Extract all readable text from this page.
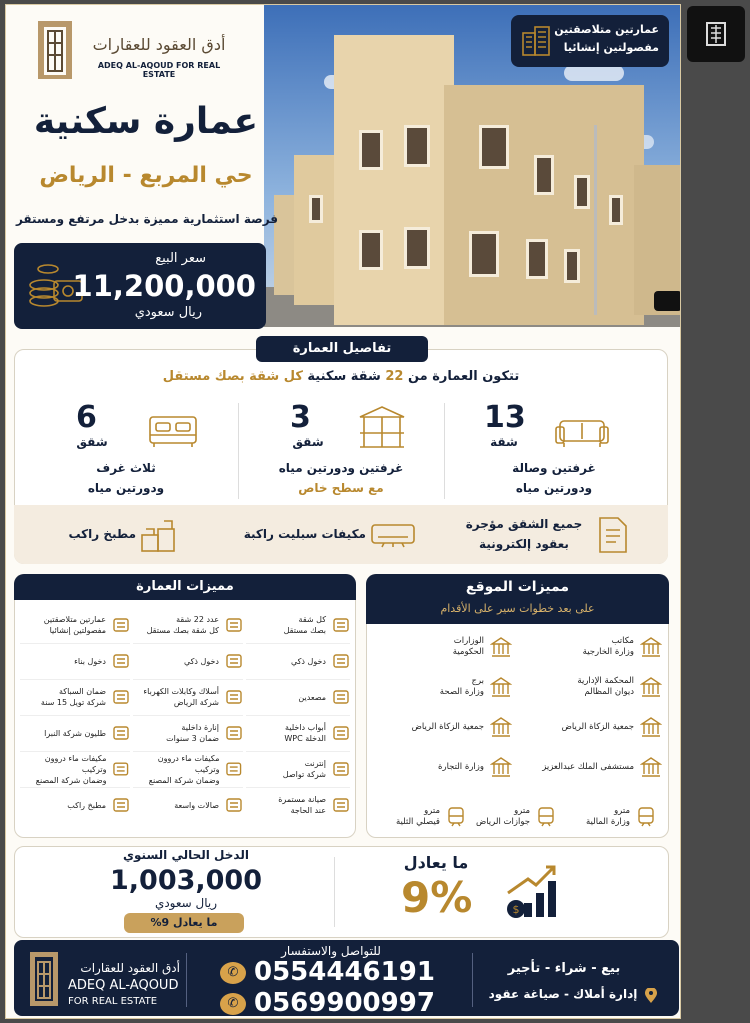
أدق العقود للعقارات
ADEQ AL-AQOUD FOR REAL ESTATE
عمارتين متلاصقتين
مفصولتين إنشائيا
عمارة سكنية
حي المربع - الرياض
فرصة استثمارية مميزة بدخل مرتفع ومستقر
سعر البيع
11,200,000
ريال سعودي
تفاصيل العمارة
تتكون العمارة من 22 شقة سكنية كل شقة بصك مستقل
13
شقة
غرفتين وصالة
ودورتين مياه
3
شقق
غرفتين ودورتين مياه
مع سطح خاص
6
شقق
ثلاث غرف
ودورتين مياه
جميع الشقق مؤجرة
بعقود إلكترونية
مكيفات سبليت راكبة
مطبخ راكب
مميزات العمارة
عمارتين متلاصقتين
مفصولتين إنشائيا
عدد 22 شقة
كل شقة بصك مستقل
كل شقة
بصك مستقل
دخول بناء	دخول ذكي	دخول ذكي
ضمان السباكة
شركة تويل 15 سنة
أسلاك وكابلات الكهرباء
شركة الرياض
مصعدين
طليون شركة النبرا
إنارة داخلية
ضمان 3 سنوات
أبواب داخلية
الدخلة WPC
مكيفات ماء دروون وتركيب
وضمان شركة المصنع
مكيفات ماء دروون وتركيب
وضمان شركة المصنع
إنترنت
شركة تواصل
مطبخ راكب	صالات واسعة
صيانة مستمرة
عند الحاجة
مميزات الموقع
على بعد خطوات سير على الأقدام
مكاتب
وزارة الخارجية
الوزارات
الحكومية
المحكمة الإدارية
ديوان المظالم
برج
وزارة الصحة
جمعية الزكاة الرياض
جمعية الزكاة الرياض
مستشفى الملك عبدالعزيز
وزارة التجارة
مترو
وزارة المالية
مترو
جوازات الرياض
مترو
قيصلي الثلية
الدخل الحالي السنوي
1,003,000
ريال سعودي
ما يعادل 9%
ما يعادل
9%	$
أدق العقود للعقارات
ADEQ AL-AQOUD
FOR REAL ESTATE
للتواصل والاستفسار
✆ 0554446191
✆ 0569900997
بيع - شراء - تأجير
إدارة أملاك - صياغة عقود
